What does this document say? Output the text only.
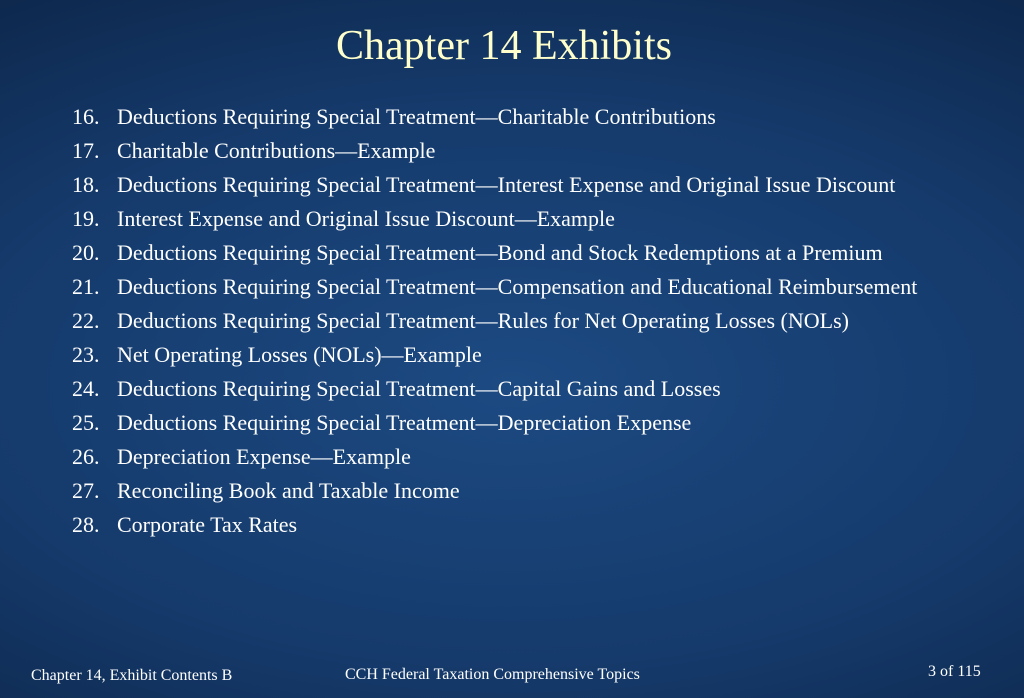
Chapter 14 Exhibits
16. Deductions Requiring Special Treatment—Charitable Contributions
17. Charitable Contributions—Example
18. Deductions Requiring Special Treatment—Interest Expense and Original Issue Discount
19. Interest Expense and Original Issue Discount—Example
20. Deductions Requiring Special Treatment—Bond and Stock Redemptions at a Premium
21. Deductions Requiring Special Treatment—Compensation and Educational Reimbursement
22. Deductions Requiring Special Treatment—Rules for Net Operating Losses (NOLs)
23. Net Operating Losses (NOLs)—Example
24. Deductions Requiring Special Treatment—Capital Gains and Losses
25. Deductions Requiring Special Treatment—Depreciation Expense
26. Depreciation Expense—Example
27. Reconciling Book and Taxable Income
28. Corporate Tax Rates
Chapter 14, Exhibit Contents B	CCH Federal Taxation Comprehensive Topics	3 of 115
